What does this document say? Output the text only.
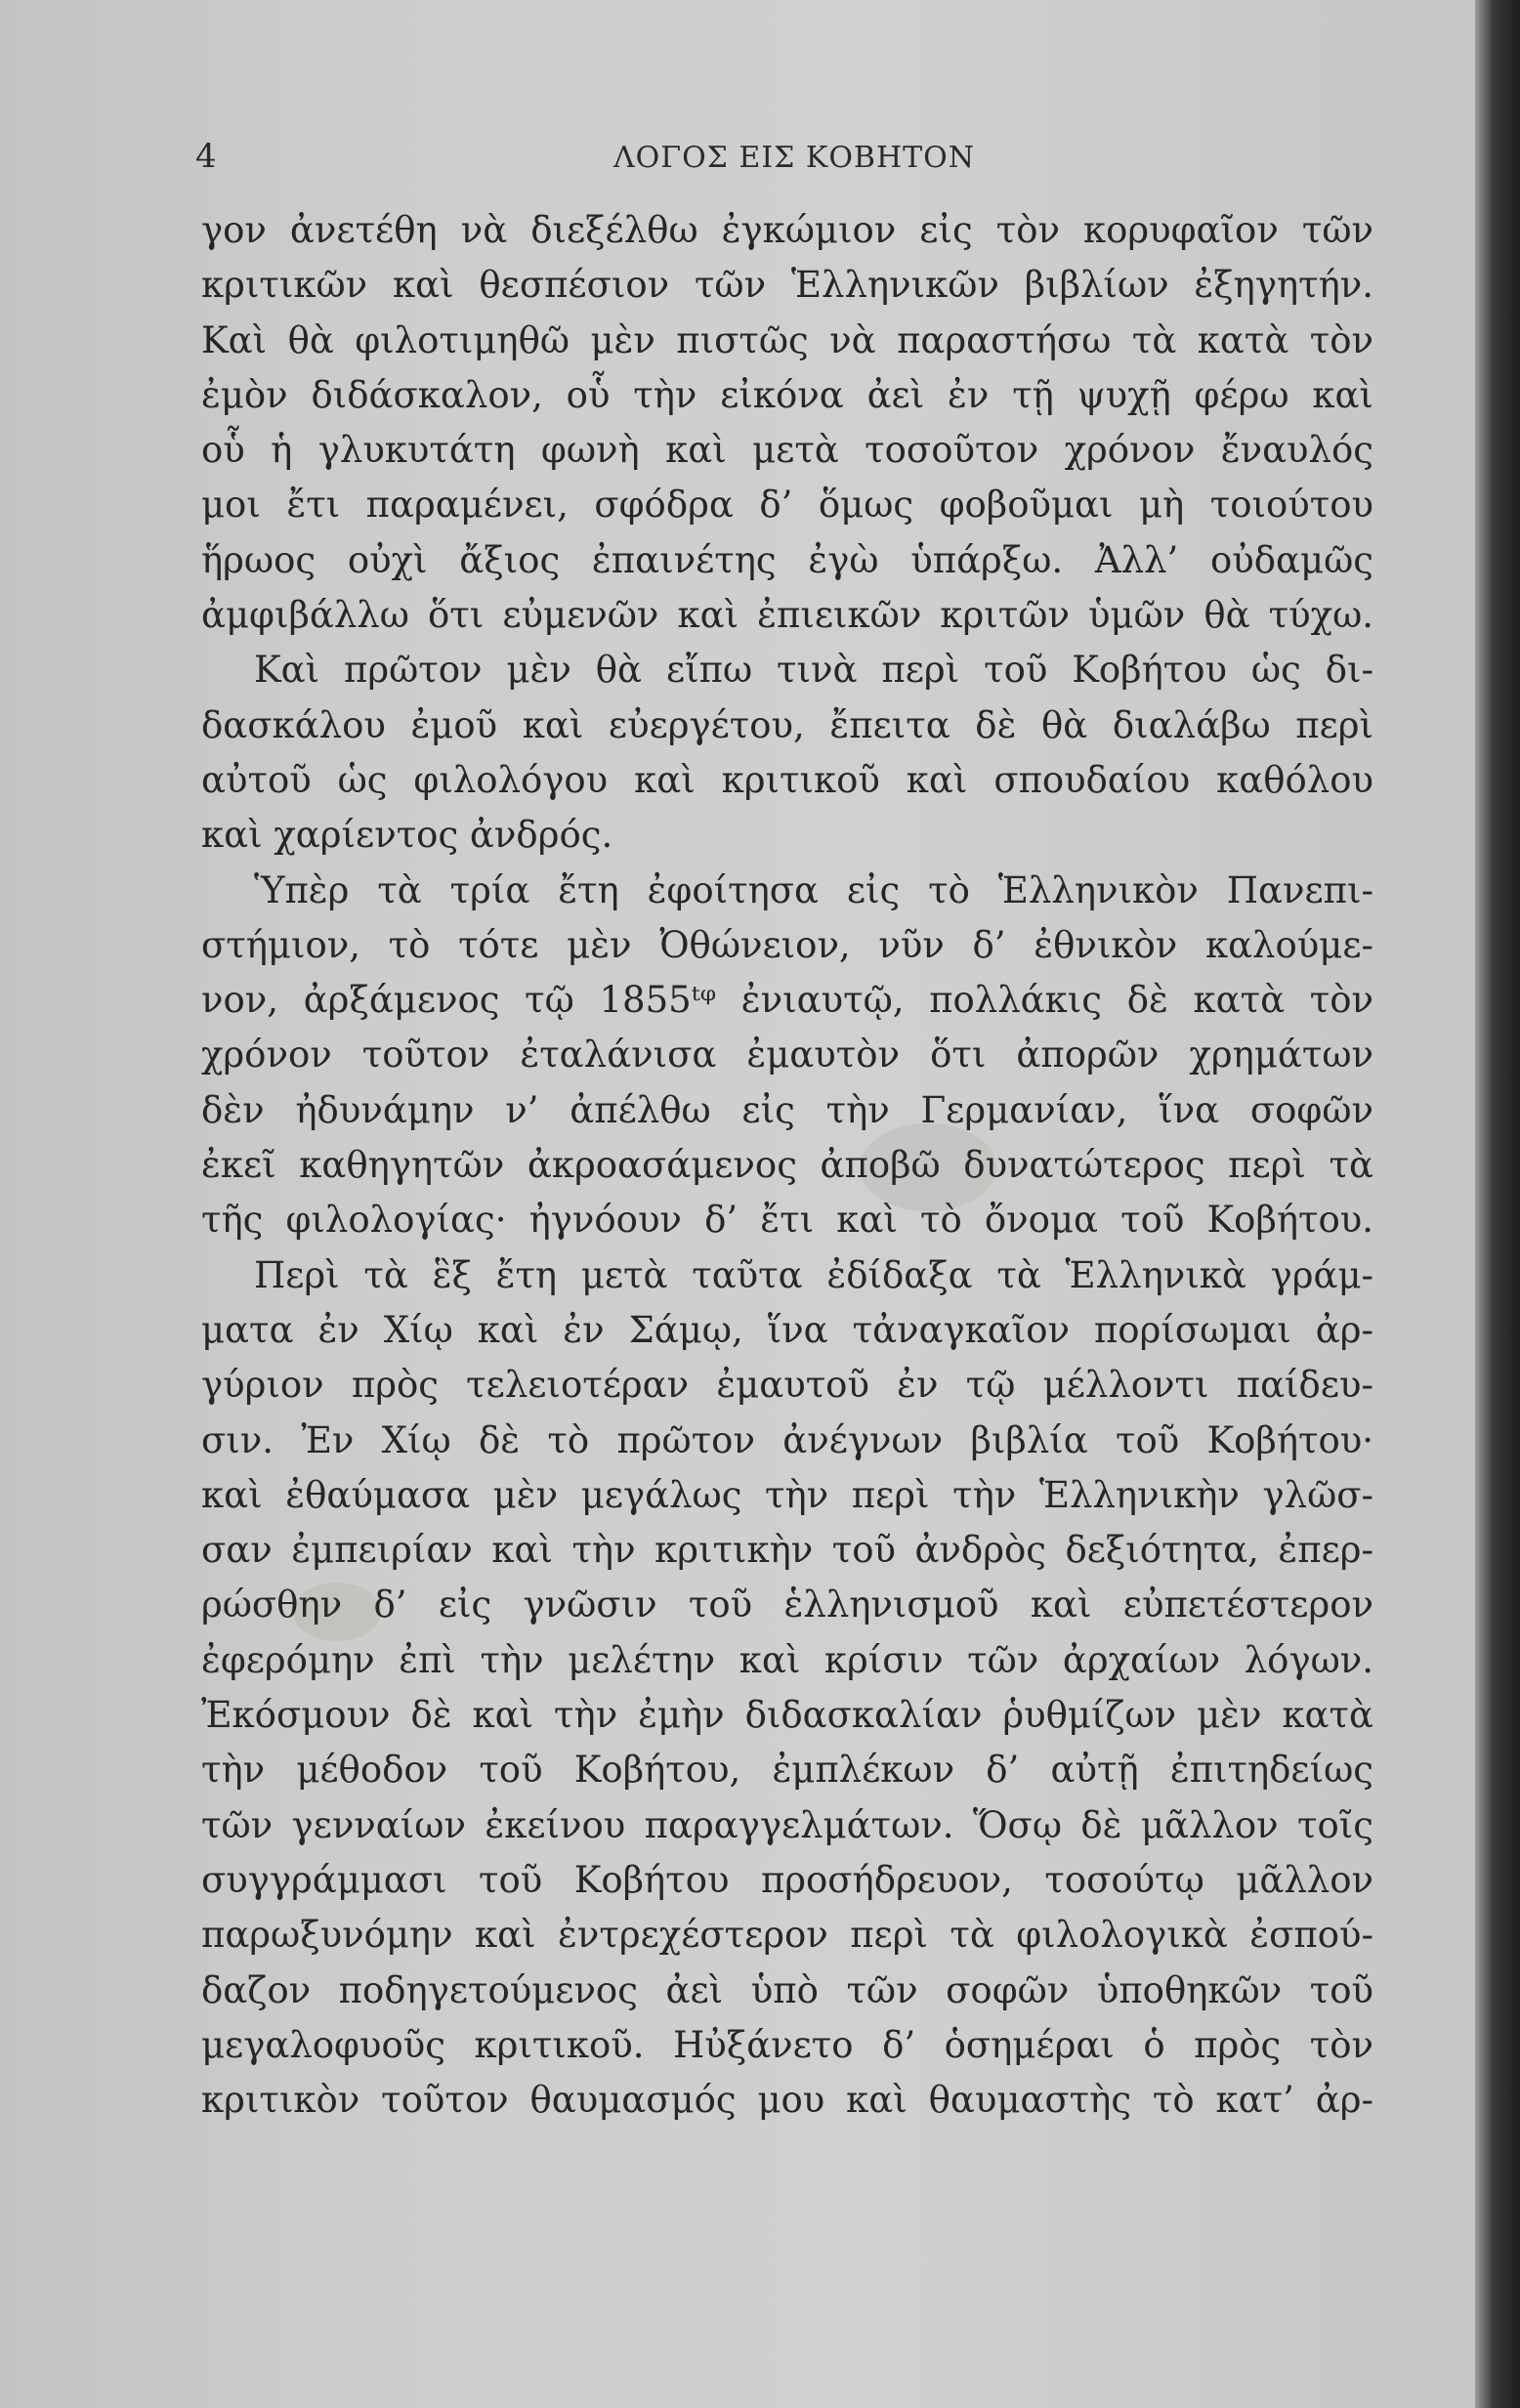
4	ΛΟΓΟΣ ΕΙΣ ΚΟΒΗΤΟΝ
γον ἀνετέθη νὰ διεξέλθω ἐγκώμιον εἰς τὸν κορυφαῖον τῶν
κριτικῶν καὶ θεσπέσιον τῶν Ἑλληνικῶν βιβλίων ἐξηγητήν.
Καὶ θὰ φιλοτιμηθῶ μὲν πιστῶς νὰ παραστήσω τὰ κατὰ τὸν
ἐμὸν διδάσκαλον, οὗ τὴν εἰκόνα ἀεὶ ἐν τῇ ψυχῇ φέρω καὶ
οὗ ἡ γλυκυτάτη φωνὴ καὶ μετὰ τοσοῦτον χρόνον ἔναυλός
μοι ἔτι παραμένει, σφόδρα δ’ ὅμως φοβοῦμαι μὴ τοιούτου
ἥρωος οὐχὶ ἄξιος ἐπαινέτης ἐγὼ ὑπάρξω. Ἀλλ’ οὐδαμῶς
ἀμφιβάλλω ὅτι εὐμενῶν καὶ ἐπιεικῶν κριτῶν ὑμῶν θὰ τύχω.
Καὶ πρῶτον μὲν θὰ εἴπω τινὰ περὶ τοῦ Κοβήτου ὡς δι-
δασκάλου ἐμοῦ καὶ εὐεργέτου, ἔπειτα δὲ θὰ διαλάβω περὶ
αὐτοῦ ὡς φιλολόγου καὶ κριτικοῦ καὶ σπουδαίου καθόλου
καὶ χαρίεντος ἀνδρός.
Ὑπὲρ τὰ τρία ἔτη ἐφοίτησα εἰς τὸ Ἑλληνικὸν Πανεπι-
στήμιον, τὸ τότε μὲν Ὀθώνειον, νῦν δ’ ἐθνικὸν καλούμε-
νον, ἀρξάμενος τῷ 1855ᵗᵠ ἐνιαυτῷ, πολλάκις δὲ κατὰ τὸν
χρόνον τοῦτον ἐταλάνισα ἐμαυτὸν ὅτι ἀπορῶν χρημάτων
δὲν ἠδυνάμην ν’ ἀπέλθω εἰς τὴν Γερμανίαν, ἵνα σοφῶν
ἐκεῖ καθηγητῶν ἀκροασάμενος ἀποβῶ δυνατώτερος περὶ τὰ
τῆς φιλολογίας· ἠγνόουν δ’ ἔτι καὶ τὸ ὄνομα τοῦ Κοβήτου.
Περὶ τὰ ἓξ ἔτη μετὰ ταῦτα ἐδίδαξα τὰ Ἑλληνικὰ γράμ-
ματα ἐν Χίῳ καὶ ἐν Σάμῳ, ἵνα τἀναγκαῖον πορίσωμαι ἀρ-
γύριον πρὸς τελειοτέραν ἐμαυτοῦ ἐν τῷ μέλλοντι παίδευ-
σιν. Ἐν Χίῳ δὲ τὸ πρῶτον ἀνέγνων βιβλία τοῦ Κοβήτου·
καὶ ἐθαύμασα μὲν μεγάλως τὴν περὶ τὴν Ἑλληνικὴν γλῶσ-
σαν ἐμπειρίαν καὶ τὴν κριτικὴν τοῦ ἀνδρὸς δεξιότητα, ἐπερ-
ρώσθην δ’ εἰς γνῶσιν τοῦ ἑλληνισμοῦ καὶ εὐπετέστερον
ἐφερόμην ἐπὶ τὴν μελέτην καὶ κρίσιν τῶν ἀρχαίων λόγων.
Ἐκόσμουν δὲ καὶ τὴν ἐμὴν διδασκαλίαν ῥυθμίζων μὲν κατὰ
τὴν μέθοδον τοῦ Κοβήτου, ἐμπλέκων δ’ αὐτῇ ἐπιτηδείως
τῶν γενναίων ἐκείνου παραγγελμάτων. Ὅσῳ δὲ μᾶλλον τοῖς
συγγράμμασι τοῦ Κοβήτου προσήδρευον, τοσούτῳ μᾶλλον
παρωξυνόμην καὶ ἐντρεχέστερον περὶ τὰ φιλολογικὰ ἐσπού-
δαζον ποδηγετούμενος ἀεὶ ὑπὸ τῶν σοφῶν ὑποθηκῶν τοῦ
μεγαλοφυοῦς κριτικοῦ. Ηὐξάνετο δ’ ὁσημέραι ὁ πρὸς τὸν
κριτικὸν τοῦτον θαυμασμός μου καὶ θαυμαστὴς τὸ κατ’ ἀρ-
